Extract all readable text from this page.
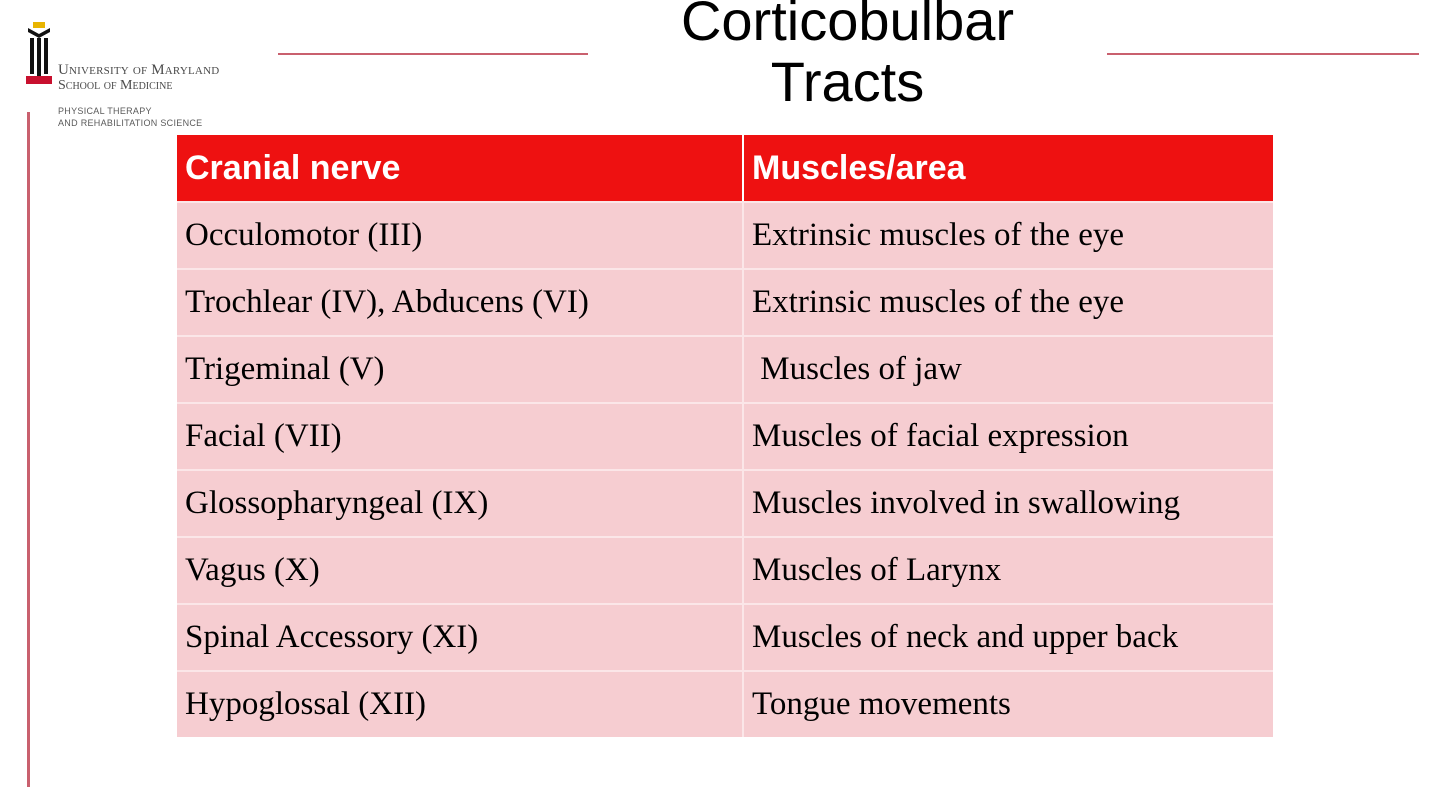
University of Maryland
School of Medicine
PHYSICAL THERAPY
AND REHABILITATION SCIENCE
Corticobulbar
Tracts
Cranial nerve	Muscles/area
Occulomotor (III)	Extrinsic muscles of the eye
Trochlear (IV), Abducens (VI)	Extrinsic muscles of the eye
Trigeminal (V)	Muscles of jaw
Facial (VII)	Muscles of facial expression
Glossopharyngeal (IX)	Muscles involved in swallowing
Vagus (X)	Muscles of Larynx
Spinal Accessory (XI)	Muscles of neck and upper back
Hypoglossal (XII)	Tongue movements
